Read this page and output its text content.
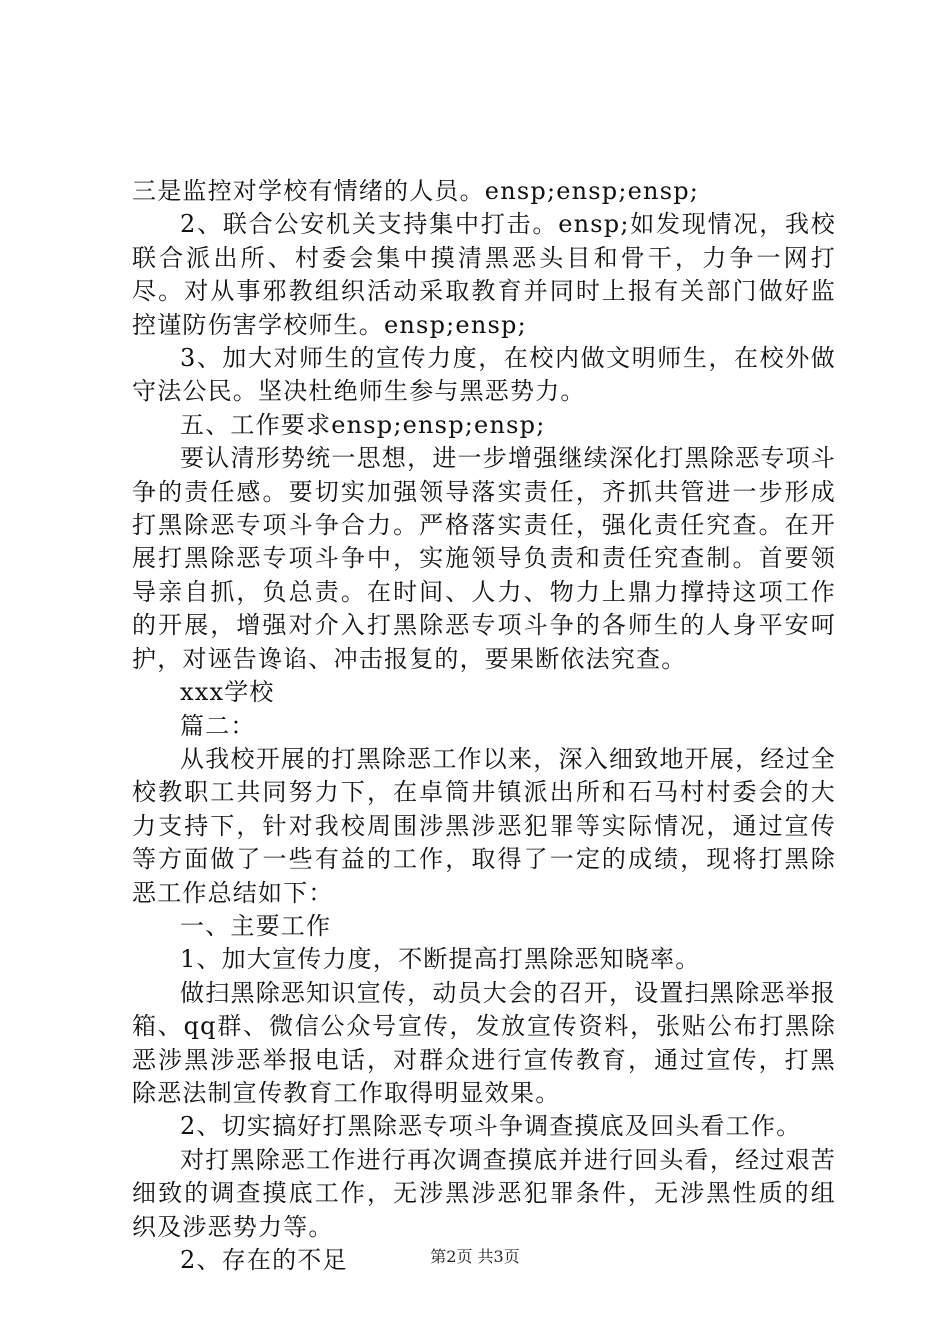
三是监控对学校有情绪的人员。ensp;ensp;ensp;

2、联合公安机关支持集中打击。ensp;如发现情况，我校联合派出所、村委会集中摸清黑恶头目和骨干，力争一网打尽。对从事邪教组织活动采取教育并同时上报有关部门做好监控谨防伤害学校师生。ensp;ensp;

3、加大对师生的宣传力度，在校内做文明师生，在校外做守法公民。坚决杜绝师生参与黑恶势力。

五、工作要求ensp;ensp;ensp;

要认清形势统一思想，进一步增强继续深化打黑除恶专项斗争的责任感。要切实加强领导落实责任，齐抓共管进一步形成打黑除恶专项斗争合力。严格落实责任，强化责任究查。在开展打黑除恶专项斗争中，实施领导负责和责任究查制。首要领导亲自抓，负总责。在时间、人力、物力上鼎力撑持这项工作的开展，增强对介入打黑除恶专项斗争的各师生的人身平安呵护，对诬告谗谄、冲击报复的，要果断依法究查。

xxx学校

篇二：

从我校开展的打黑除恶工作以来，深入细致地开展，经过全校教职工共同努力下，在卓筒井镇派出所和石马村村委会的大力支持下，针对我校周围涉黑涉恶犯罪等实际情况，通过宣传等方面做了一些有益的工作，取得了一定的成绩，现将打黑除恶工作总结如下：

一、主要工作

1、加大宣传力度，不断提高打黑除恶知晓率。

做扫黑除恶知识宣传，动员大会的召开，设置扫黑除恶举报箱、qq群、微信公众号宣传，发放宣传资料，张贴公布打黑除恶涉黑涉恶举报电话，对群众进行宣传教育，通过宣传，打黑除恶法制宣传教育工作取得明显效果。

2、切实搞好打黑除恶专项斗争调查摸底及回头看工作。

对打黑除恶工作进行再次调查摸底并进行回头看，经过艰苦细致的调查摸底工作，无涉黑涉恶犯罪条件，无涉黑性质的组织及涉恶势力等。

2、存在的不足	第2页 共3页
